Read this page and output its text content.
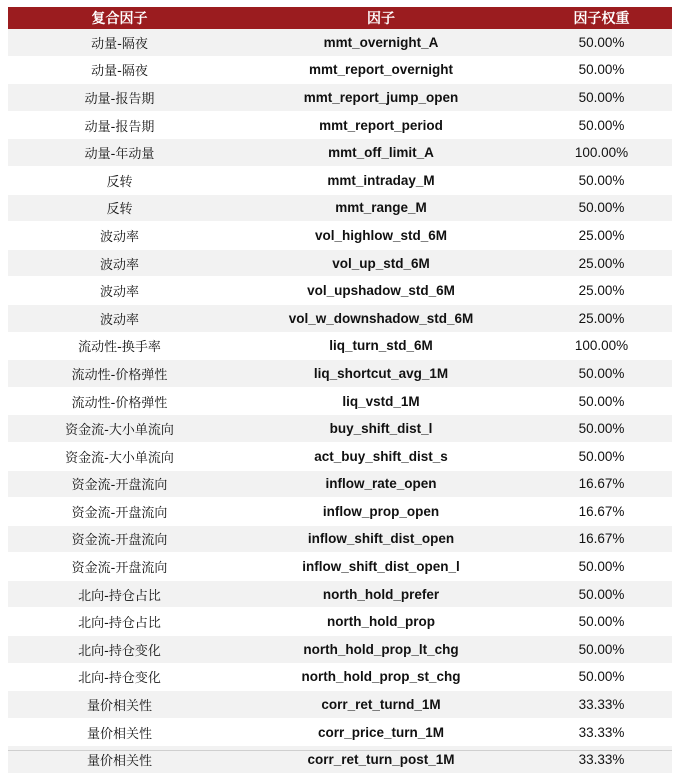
复合因子	因子	因子权重
动量-隔夜	mmt_overnight_A	50.00%
动量-隔夜	mmt_report_overnight	50.00%
动量-报告期	mmt_report_jump_open	50.00%
动量-报告期	mmt_report_period	50.00%
动量-年动量	mmt_off_limit_A	100.00%
反转	mmt_intraday_M	50.00%
反转	mmt_range_M	50.00%
波动率	vol_highlow_std_6M	25.00%
波动率	vol_up_std_6M	25.00%
波动率	vol_upshadow_std_6M	25.00%
波动率	vol_w_downshadow_std_6M	25.00%
流动性-换手率	liq_turn_std_6M	100.00%
流动性-价格弹性	liq_shortcut_avg_1M	50.00%
流动性-价格弹性	liq_vstd_1M	50.00%
资金流-大小单流向	buy_shift_dist_l	50.00%
资金流-大小单流向	act_buy_shift_dist_s	50.00%
资金流-开盘流向	inflow_rate_open	16.67%
资金流-开盘流向	inflow_prop_open	16.67%
资金流-开盘流向	inflow_shift_dist_open	16.67%
资金流-开盘流向	inflow_shift_dist_open_l	50.00%
北向-持仓占比	north_hold_prefer	50.00%
北向-持仓占比	north_hold_prop	50.00%
北向-持仓变化	north_hold_prop_lt_chg	50.00%
北向-持仓变化	north_hold_prop_st_chg	50.00%
量价相关性	corr_ret_turnd_1M	33.33%
量价相关性	corr_price_turn_1M	33.33%
量价相关性	corr_ret_turn_post_1M	33.33%
